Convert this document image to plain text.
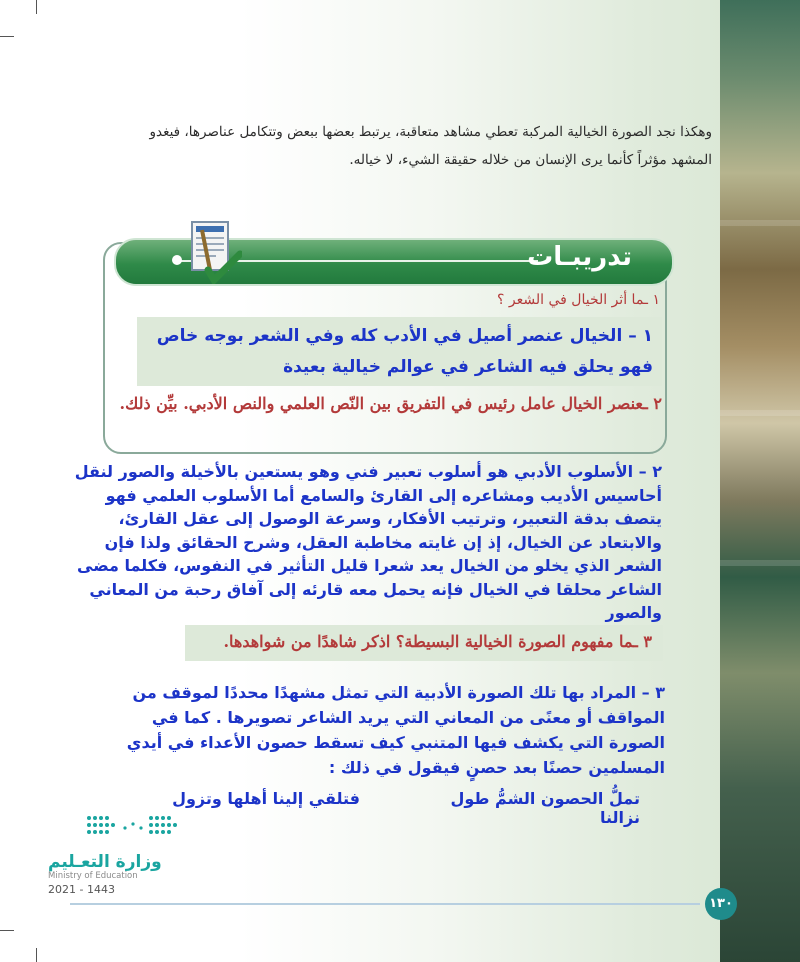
وهكذا نجد الصورة الخيالية المركبة تعطي مشاهد متعاقبة، يرتبط بعضها ببعض وتتكامل عناصرها، فيغدو المشهد مؤثراً كأنما يرى الإنسان من خلاله حقيقة الشيء، لا خياله.

تدريبـات
١ ـما أثر الخيال في الشعر ؟

١ – الخيال عنصر أصيل في الأدب كله وفي الشعر بوجه خاص فهو يحلق فيه الشاعر في عوالم خيالية بعيدة

٢ ـعنصر الخيال عامل رئيس في التفريق بين النّص العلمي والنص الأدبي. بيِّن ذلك.

٢ – الأسلوب الأدبي هو أسلوب تعبير فني وهو يستعين بالأخيلة والصور لنقل أحاسيس الأديب ومشاعره إلى القارئ والسامع أما الأسلوب العلمي فهو يتصف بدقة التعبير، وترتيب الأفكار، وسرعة الوصول إلى عقل القارئ، والابتعاد عن الخيال، إذ إن غايته مخاطبة العقل، وشرح الحقائق ولذا فإن الشعر الذي يخلو من الخيال يعد شعرا قليل التأثير في النفوس، فكلما مضى الشاعر محلقا في الخيال فإنه يحمل معه قارئه إلى آفاق رحبة من المعاني والصور

٣ ـما مفهوم الصورة الخيالية البسيطة؟ اذكر شاهدًا من شواهدها.

٣ – المراد بها تلك الصورة الأدبية التي تمثل مشهدًا محددًا لموقف من المواقف أو معنًى من المعاني التي يريد الشاعر تصويرها . كما في الصورة التي يكشف فيها المتنبي كيف تسقط حصون الأعداء في أيدي المسلمين حصنًا بعد حصنٍ فيقول في ذلك :

تملُّ الحصون الشمُّ طول نزالنا
فتلقي إلينا أهلها وتزول
وزارة التعـليم
Ministry of Education
2021 - 1443
١٣٠
